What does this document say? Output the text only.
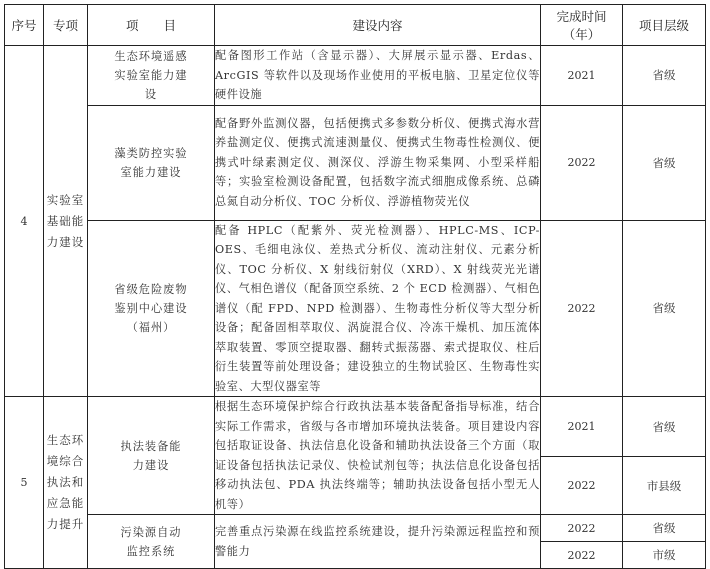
序号	专项	项　　目	建设内容	完成时间（年）	项目层级
4	实验室基础能力建设	生态环境遥感实验室能力建设	配备图形工作站（含显示器）、大屏展示显示器、Erdas、ArcGIS 等软件以及现场作业使用的平板电脑、卫星定位仪等硬件设施	2021	省级
		藻类防控实验室能力建设	配备野外监测仪器，包括便携式多参数分析仪、便携式海水营养盐测定仪、便携式流速测量仪、便携式生物毒性检测仪、便携式叶绿素测定仪、测深仪、浮游生物采集网、小型采样船等；实验室检测设备配置，包括数字流式细胞成像系统、总磷总氮自动分析仪、TOC 分析仪、浮游植物荧光仪	2022	省级
		省级危险废物鉴别中心建设（福州）	配备 HPLC（配紫外、荧光检测器）、HPLC-MS、ICP-OES、毛细电泳仪、差热式分析仪、流动注射仪、元素分析仪、TOC 分析仪、X 射线衍射仪（XRD）、X 射线荧光光谱仪、气相色谱仪（配备顶空系统、2 个 ECD 检测器）、气相色谱仪（配 FPD、NPD 检测器）、生物毒性分析仪等大型分析设备；配备固相萃取仪、涡旋混合仪、冷冻干燥机、加压流体萃取装置、零顶空提取器、翻转式振荡器、索式提取仪、柱后衍生装置等前处理设备；建设独立的生物试验区、生物毒性实验室、大型仪器室等	2022	省级
5	生态环境综合执法和应急能力提升	执法装备能力建设	根据生态环境保护综合行政执法基本装备配备指导标准，结合实际工作需求，省级与各市增加环境执法装备。项目建设内容包括取证设备、执法信息化设备和辅助执法设备三个方面（取证设备包括执法记录仪、快检试剂包等；执法信息化设备包括移动执法包、PDA 执法终端等；辅助执法设备包括小型无人机等）	2021	省级
				2022	市县级
		污染源自动监控系统	完善重点污染源在线监控系统建设，提升污染源远程监控和预警能力	2022	省级
				2022	市级
